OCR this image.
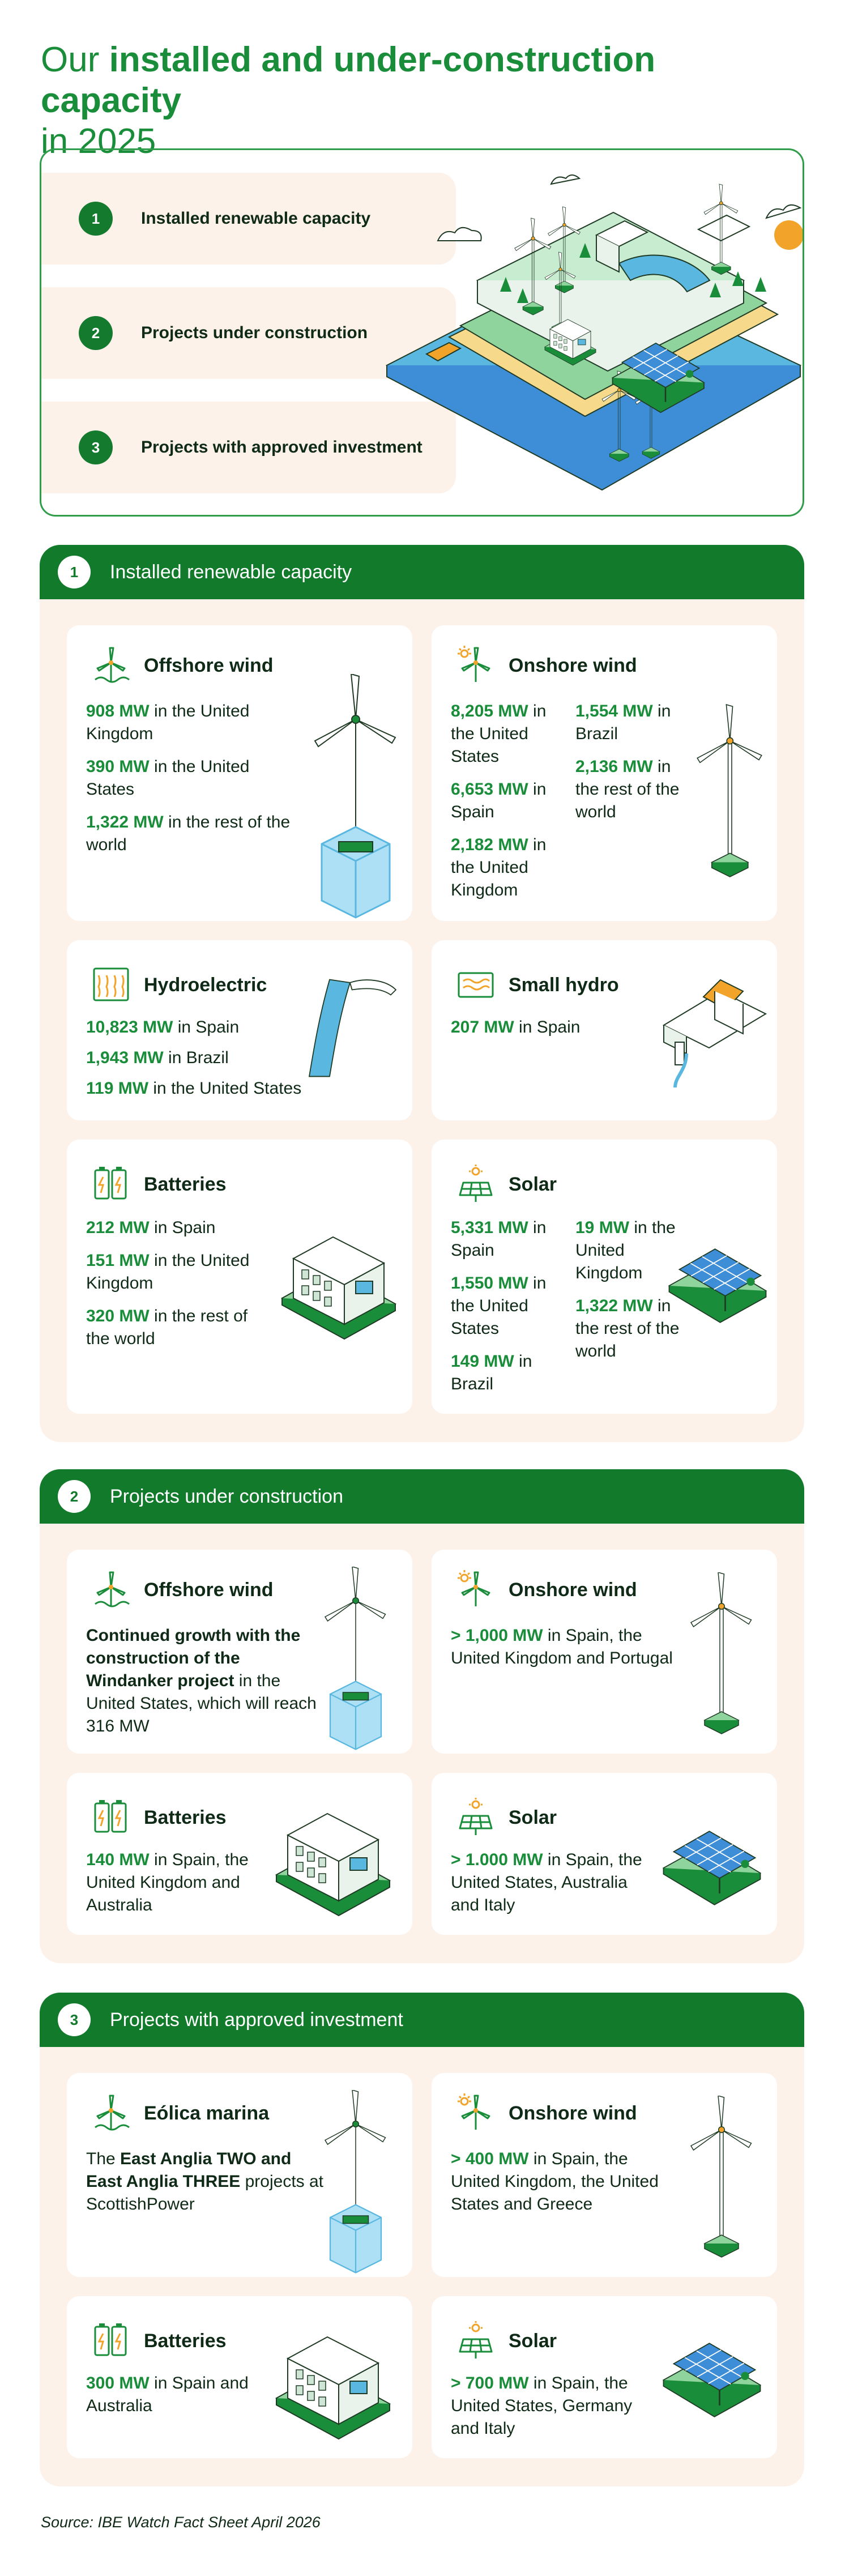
Our installed and under-construction capacity
in 2025
1	Installed renewable capacity
2	Projects under construction
3	Projects with approved investment
1	Installed renewable capacity
Offshore wind

908 MW in the United Kingdom

390 MW in the United States

1,322 MW in the rest of the world

Onshore wind

8,205 MW in the United States

6,653 MW in Spain

2,182 MW in the United Kingdom

1,554 MW in Brazil

2,136 MW in the rest of the world

Hydroelectric

10,823 MW in Spain

1,943 MW in Brazil

119 MW in the United States

Small hydro

207 MW in Spain

Batteries

212 MW in Spain

151 MW in the United Kingdom

320 MW in the rest of the world

Solar

5,331 MW in Spain

1,550 MW in the United States

149 MW in Brazil

19 MW in the United Kingdom

1,322 MW in the rest of the world

2	Projects under construction
Offshore wind

Continued growth with the construction of the Windanker project in the United States, which will reach 316 MW

Onshore wind

> 1,000 MW in Spain, the United Kingdom and Portugal

Batteries

140 MW in Spain, the United Kingdom and Australia

Solar

> 1.000 MW in Spain, the United States, Australia and Italy

3	Projects with approved investment
Eólica marina

The East Anglia TWO and East Anglia THREE projects at ScottishPower

Onshore wind

> 400 MW in Spain, the United Kingdom, the United States and Greece

Batteries

300 MW in Spain and Australia

Solar

> 700 MW in Spain, the United States, Germany and Italy

Source: IBE Watch Fact Sheet April 2026
